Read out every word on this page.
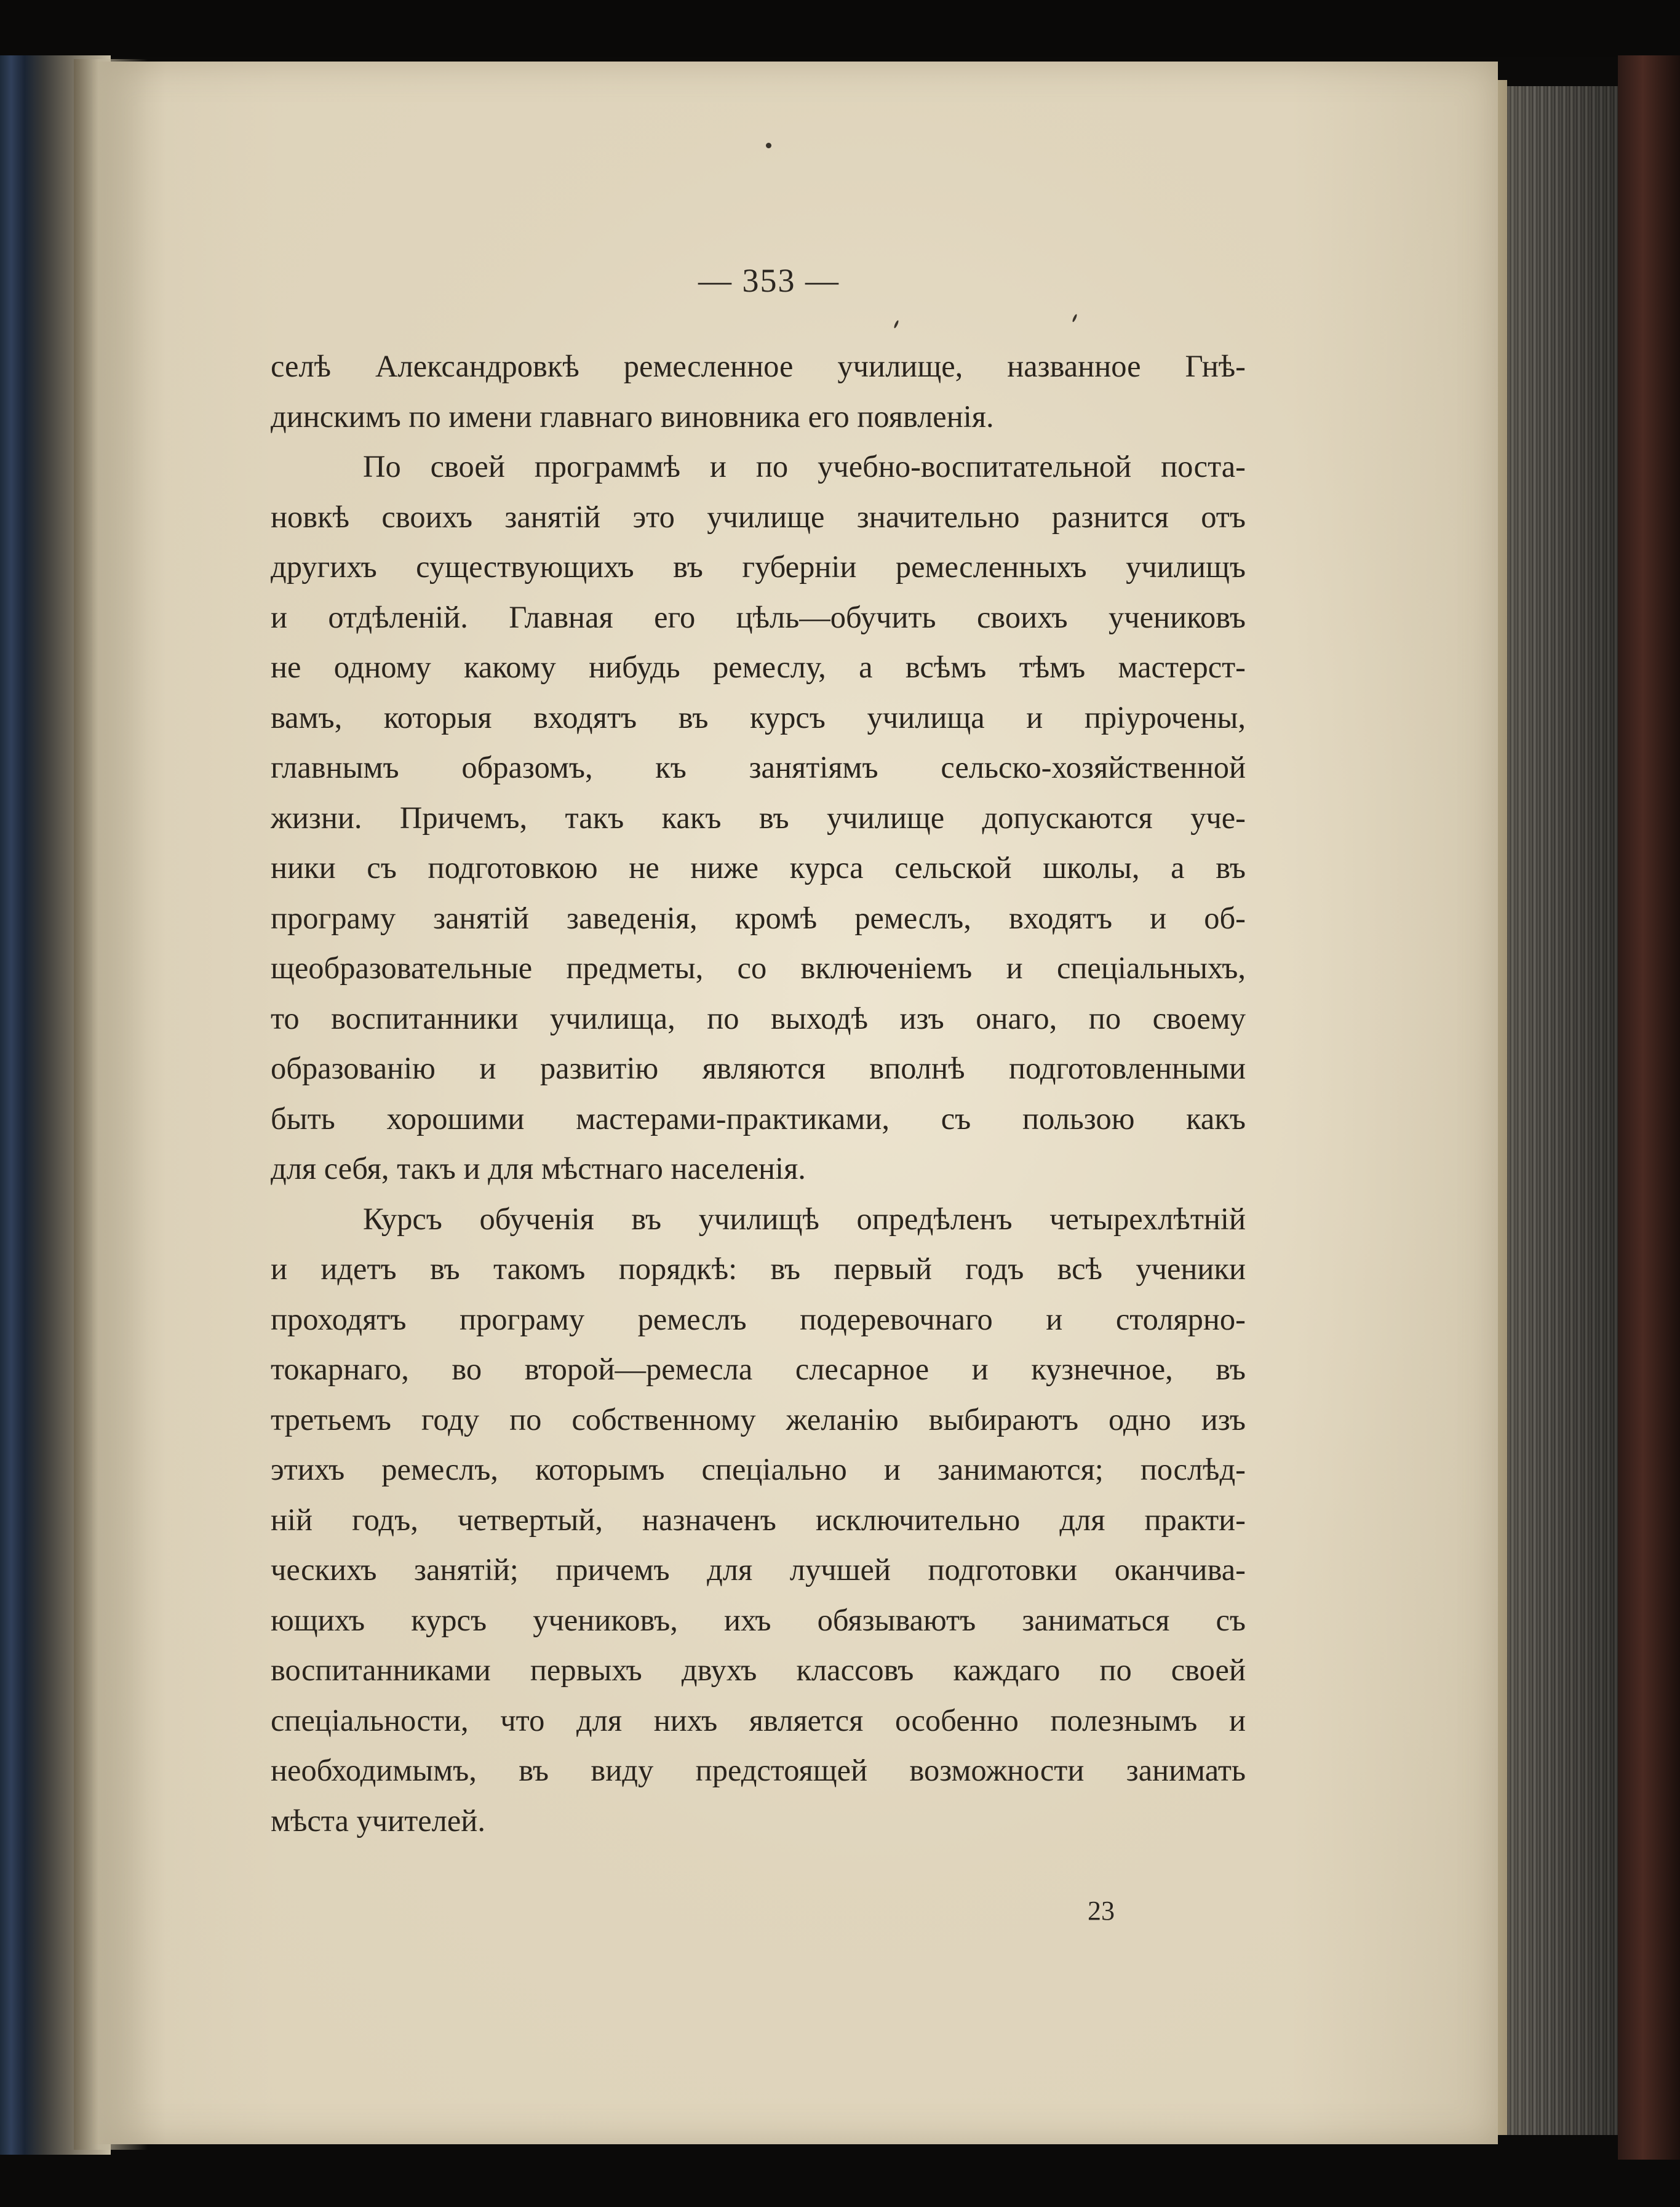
— 353 —
селѣ Александровкѣ ремесленное училище, названное Гнѣ-
динскимъ по имени главнаго виновника его появленія.
По своей программѣ и по учебно-воспитательной поста-
новкѣ своихъ занятій это училище значительно разнится отъ
другихъ существующихъ въ губерніи ремесленныхъ училищъ
и отдѣленій. Главная его цѣль—обучить своихъ учениковъ
не одному какому нибудь ремеслу, а всѣмъ тѣмъ мастерст-
вамъ, которыя входятъ въ курсъ училища и пріурочены,
главнымъ образомъ, къ занятіямъ сельско-хозяйственной
жизни. Причемъ, такъ какъ въ училище допускаются уче-
ники съ подготовкою не ниже курса сельской школы, а въ
програму занятій заведенія, кромѣ ремеслъ, входятъ и об-
щеобразовательные предметы, со включеніемъ и спеціальныхъ,
то воспитанники училища, по выходѣ изъ онаго, по своему
образованію и развитію являются вполнѣ подготовленными
быть хорошими мастерами-практиками, съ пользою какъ
для себя, такъ и для мѣстнаго населенія.
Курсъ обученія въ училищѣ опредѣленъ четырехлѣтній
и идетъ въ такомъ порядкѣ: въ первый годъ всѣ ученики
проходятъ програму ремеслъ подеревочнаго и столярно-
токарнаго, во второй—ремесла слесарное и кузнечное, въ
третьемъ году по собственному желанію выбираютъ одно изъ
этихъ ремеслъ, которымъ спеціально и занимаются; послѣд-
ній годъ, четвертый, назначенъ исключительно для практи-
ческихъ занятій; причемъ для лучшей подготовки оканчива-
ющихъ курсъ учениковъ, ихъ обязываютъ заниматься съ
воспитанниками первыхъ двухъ классовъ каждаго по своей
спеціальности, что для нихъ является особенно полезнымъ и
необходимымъ, въ виду предстоящей возможности занимать
мѣста учителей.
23
